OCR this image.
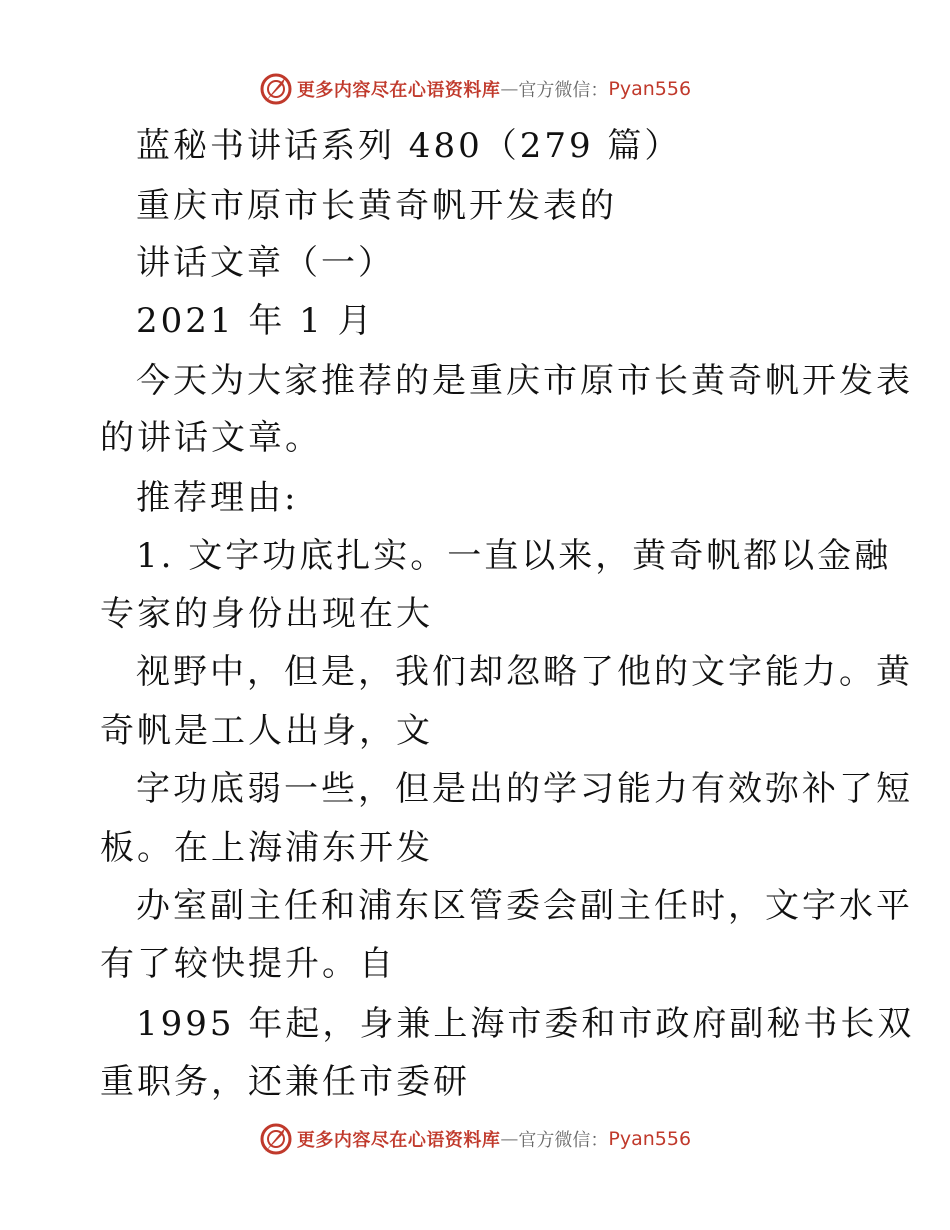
更多内容尽在心语资料库 — 官方微信： Pyan556
蓝秘书讲话系列 480（279 篇）
重庆市原市长黄奇帆开发表的
讲话文章（一）
2021 年 1 月
今天为大家推荐的是重庆市原市长黄奇帆开发表
的讲话文章。
推荐理由:
1. 文字功底扎实。一直以来，黄奇帆都以金融
专家的身份出现在大
视野中，但是，我们却忽略了他的文字能力。黄
奇帆是工人出身，文
字功底弱一些，但是出的学习能力有效弥补了短
板。在上海浦东开发
办室副主任和浦东区管委会副主任时，文字水平
有了较快提升。自
1995 年起，身兼上海市委和市政府副秘书长双
重职务，还兼任市委研
更多内容尽在心语资料库 — 官方微信： Pyan556
